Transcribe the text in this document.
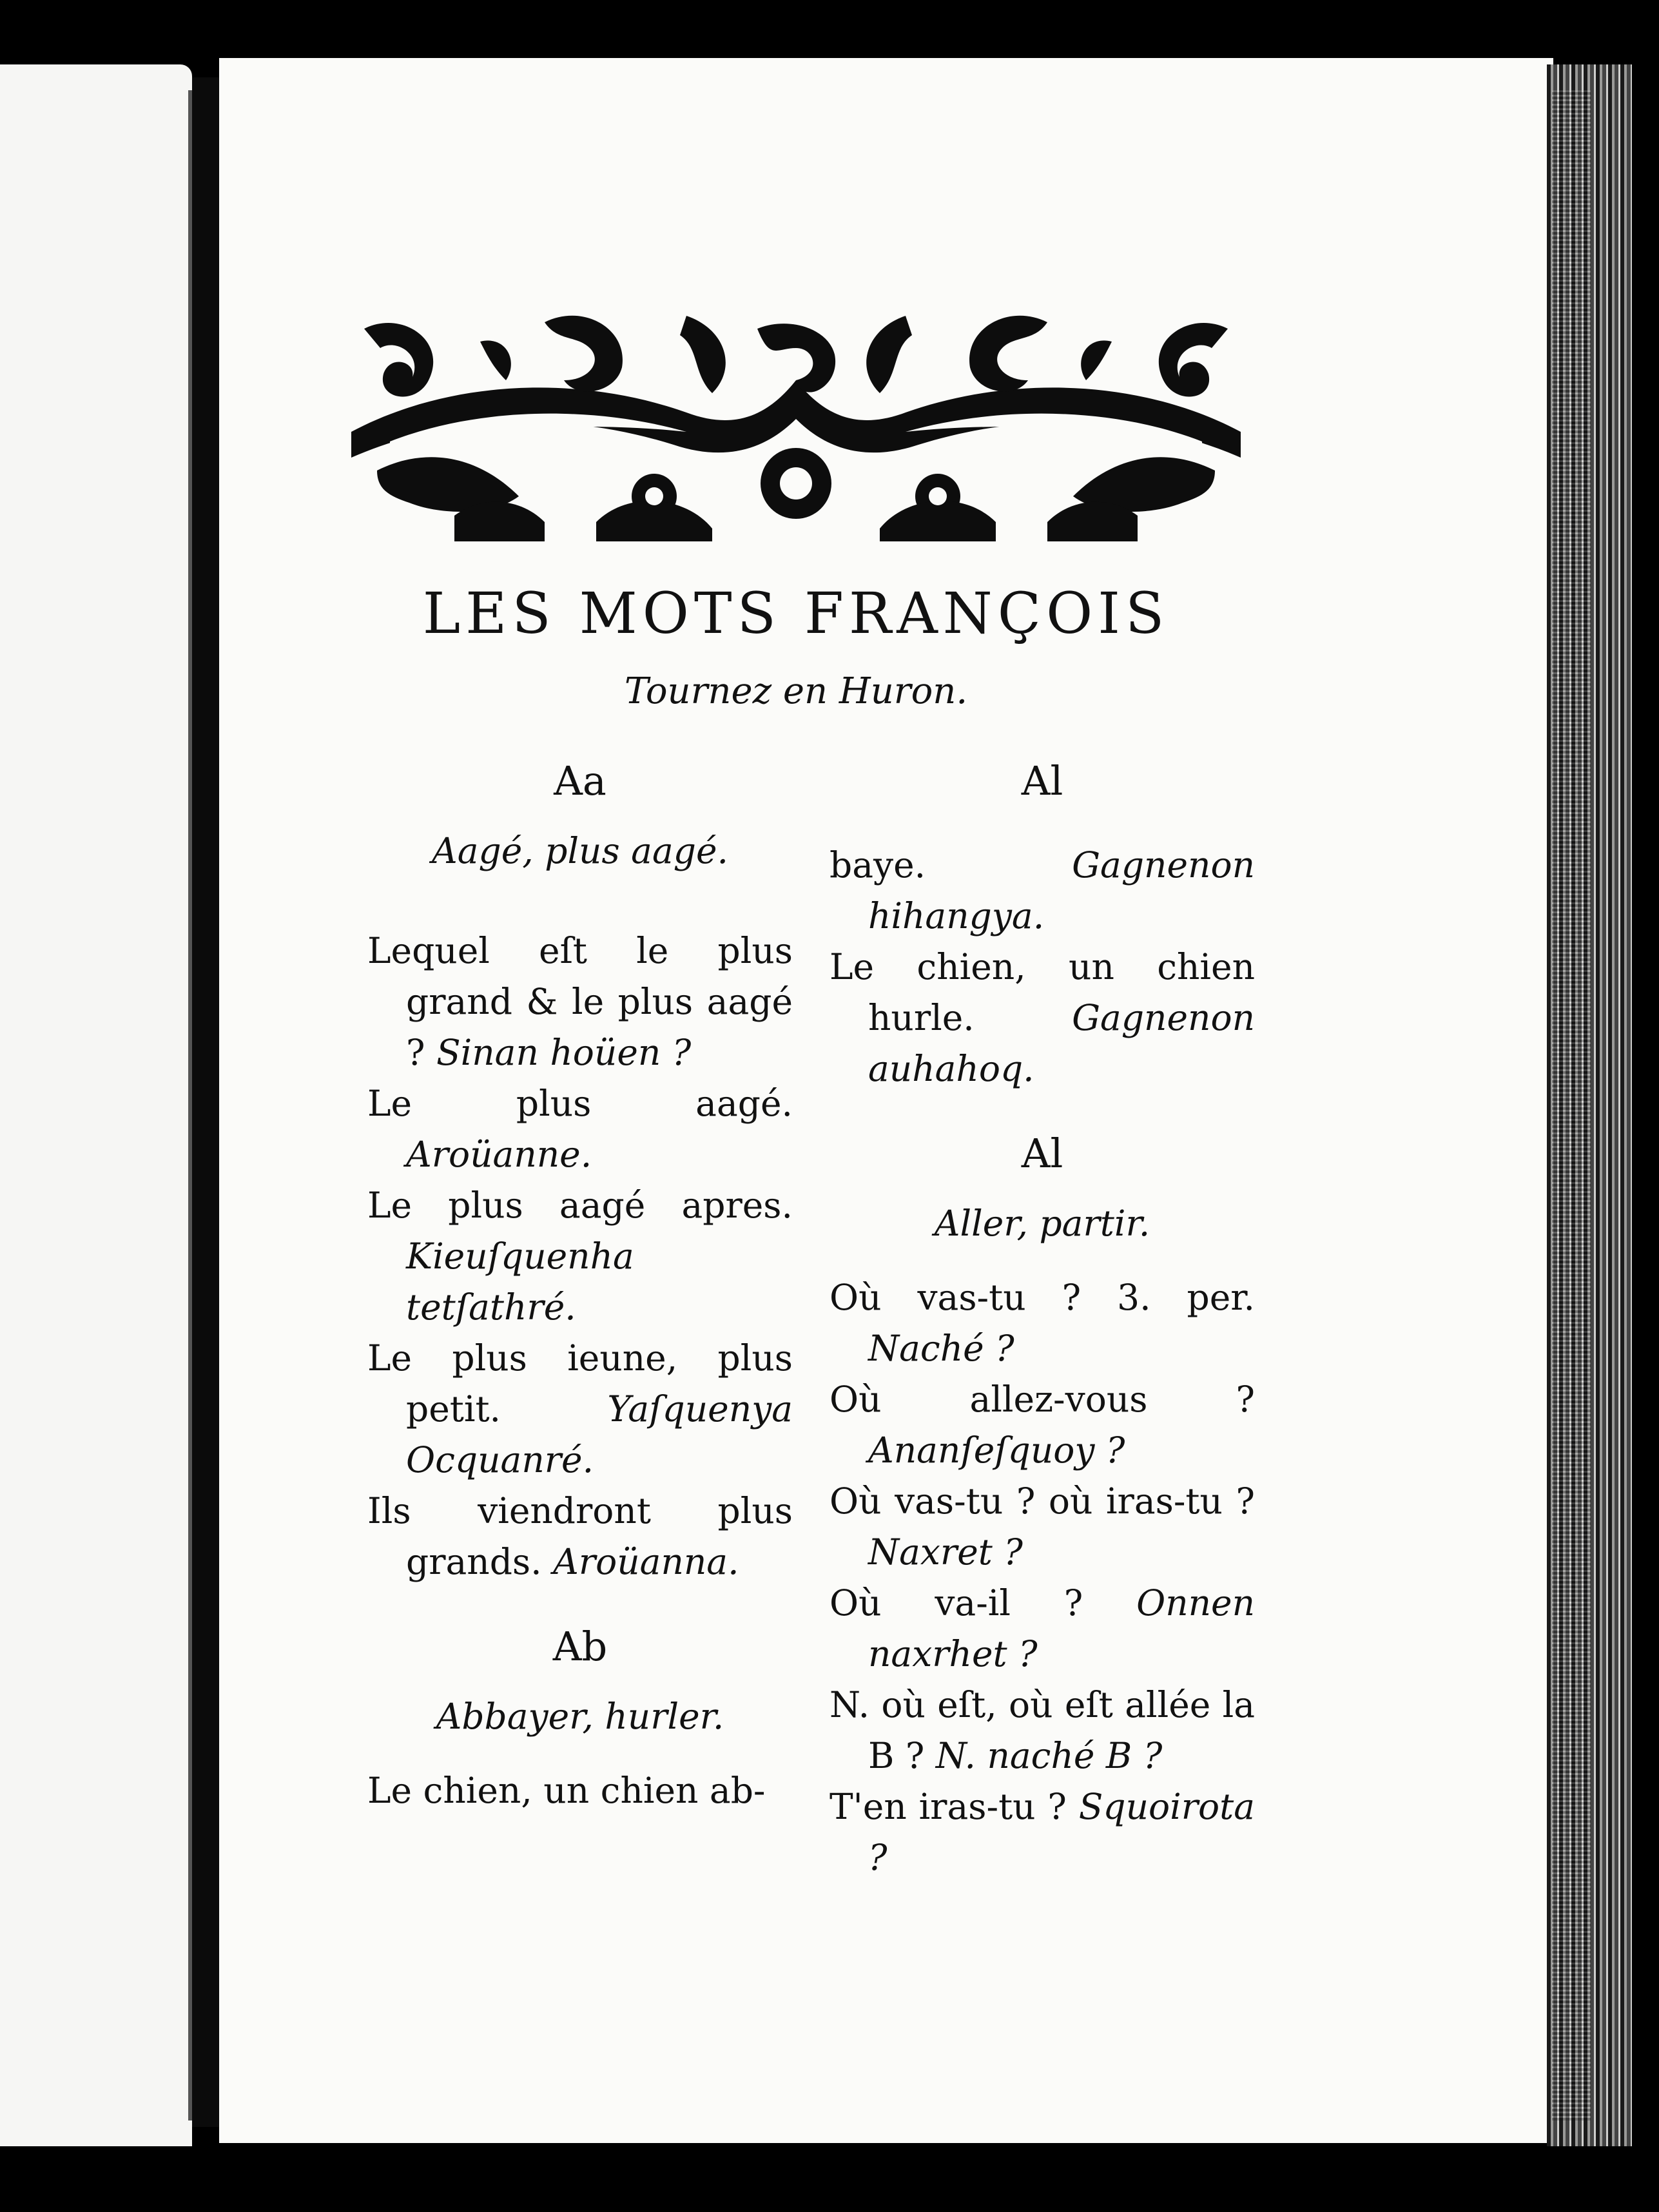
LES MOTS FRANÇOIS
Tournez en Huron.
Aa
Aagé, plus aagé.
Lequel eſt le plus grand & le plus aagé ? Sinan hoüen ?
Le plus aagé. Aroüanne.
Le plus aagé apres. Kieuſquenha tetſathré.
Le plus ieune, plus petit.	Yaſquenya Ocquanré.
Ils viendront plus grands. Aroüanna.
Ab
Abbayer, hurler.
Le chien, un chien ab-
Al
baye.	Gagnenon hihangya.
Le chien, un chien hurle.	Gagnenon auhahoq.
Al
Aller, partir.
Où vas-tu ? 3. per. Naché ?
Où allez-vous ? Ananſeſquoy ?
Où vas-tu ? où iras-tu ? Naxret ?
Où va-il ? Onnen naxrhet ?
N. où eſt, où eſt allée la B ? N. naché B ?
T'en iras-tu ? Squoirota ?
